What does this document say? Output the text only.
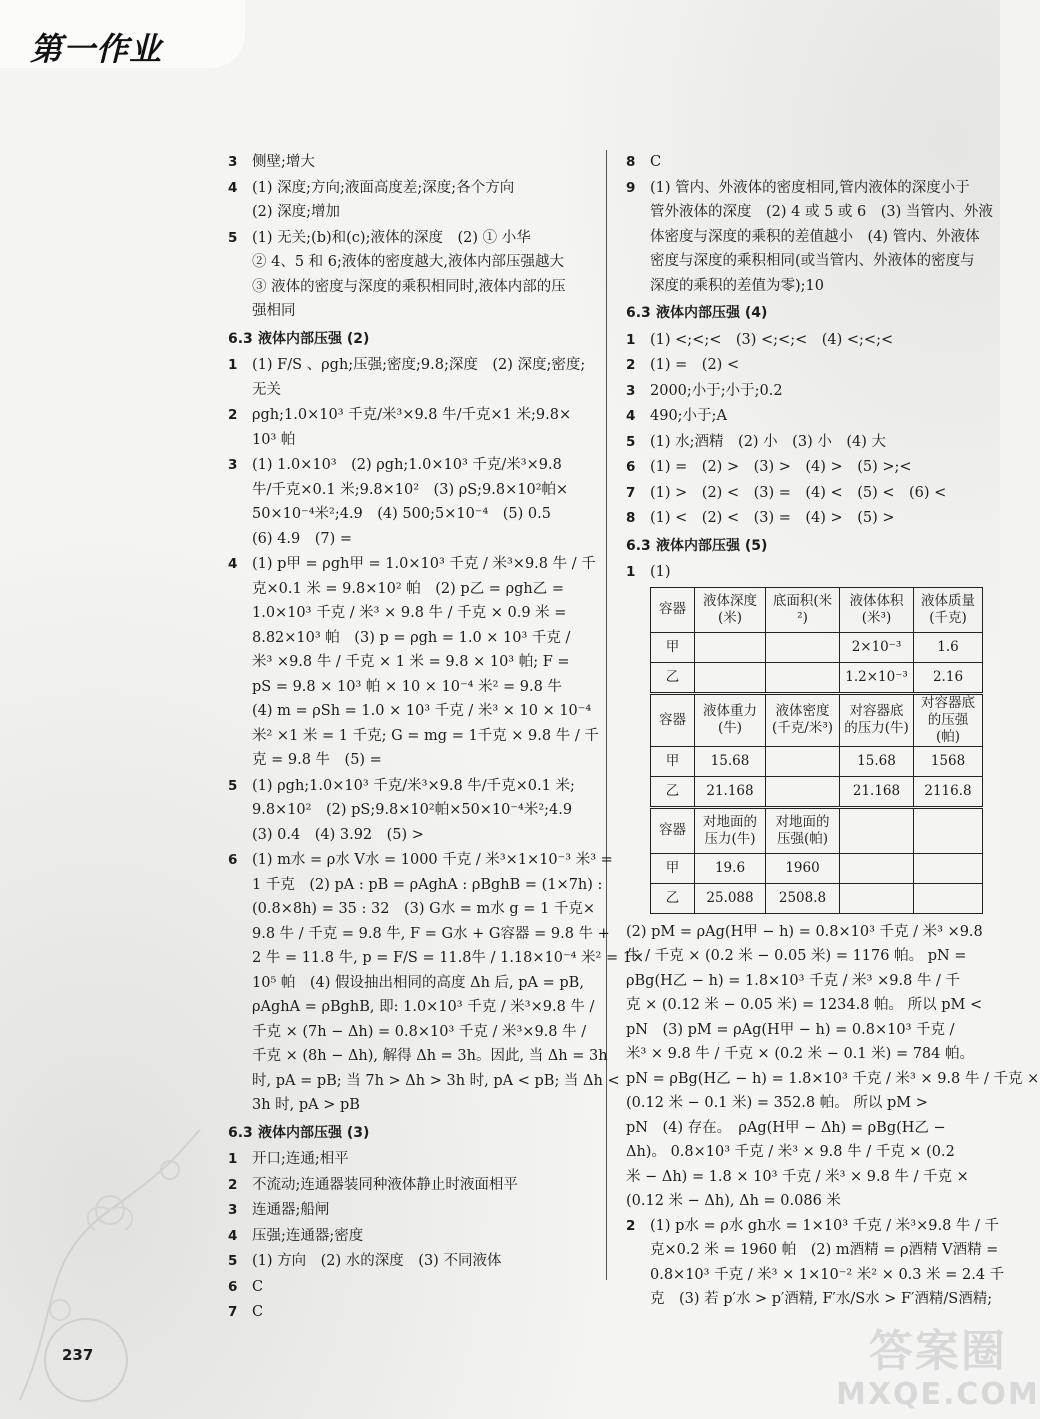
第一作业
3	侧壁;增大
4	(1) 深度;方向;液面高度差;深度;各个方向
(2) 深度;增加
5	(1) 无关;(b)和(c);液体的深度　(2) ① 小华
② 4、5 和 6;液体的密度越大,液体内部压强越大
③ 液体的密度与深度的乘积相同时,液体内部的压
强相同
6.3 液体内部压强 (2)
1	(1) F/S 、ρgh;压强;密度;9.8;深度　(2) 深度;密度;
无关
2	ρgh;1.0×10³ 千克/米³×9.8 牛/千克×1 米;9.8×
10³ 帕
3	(1) 1.0×10³　(2) ρgh;1.0×10³ 千克/米³×9.8
牛/千克×0.1 米;9.8×10²　(3) ρS;9.8×10²帕×
50×10⁻⁴米²;4.9　(4) 500;5×10⁻⁴　(5) 0.5
(6) 4.9　(7) =
4	(1) p甲 = ρgh甲 = 1.0×10³ 千克 / 米³×9.8 牛 / 千
克×0.1 米 = 9.8×10² 帕　(2) p乙 = ρgh乙 =
1.0×10³ 千克 / 米³ × 9.8 牛 / 千克 × 0.9 米 =
8.82×10³ 帕　(3) p = ρgh = 1.0 × 10³ 千克 /
米³ ×9.8 牛 / 千克 × 1 米 = 9.8 × 10³ 帕; F =
pS = 9.8 × 10³ 帕 × 10 × 10⁻⁴ 米² = 9.8 牛
(4) m = ρSh = 1.0 × 10³ 千克 / 米³ × 10 × 10⁻⁴
米² ×1 米 = 1 千克; G = mg = 1千克 × 9.8 牛 / 千
克 = 9.8 牛　(5) =
5	(1) ρgh;1.0×10³ 千克/米³×9.8 牛/千克×0.1 米;
9.8×10²　(2) pS;9.8×10²帕×50×10⁻⁴米²;4.9
(3) 0.4　(4) 3.92　(5) >
6	(1) m水 = ρ水 V水 = 1000 千克 / 米³×1×10⁻³ 米³ =
1 千克　(2) pA : pB = ρAghA : ρBghB = (1×7h) :
(0.8×8h) = 35 : 32　(3) G水 = m水 g = 1 千克×
9.8 牛 / 千克 = 9.8 牛, F = G水 + G容器 = 9.8 牛 +
2 牛 = 11.8 牛, p = F/S = 11.8牛 / 1.18×10⁻⁴ 米² = 1×
10⁵ 帕　(4) 假设抽出相同的高度 Δh 后, pA = pB,
ρAghA = ρBghB, 即: 1.0×10³ 千克 / 米³×9.8 牛 /
千克 × (7h − Δh) = 0.8×10³ 千克 / 米³×9.8 牛 /
千克 × (8h − Δh), 解得 Δh = 3h。因此, 当 Δh = 3h
时, pA = pB; 当 7h > Δh > 3h 时, pA < pB; 当 Δh <
3h 时, pA > pB
6.3 液体内部压强 (3)
1	开口;连通;相平
2	不流动;连通器装同种液体静止时液面相平
3	连通器;船闸
4	压强;连通器;密度
5	(1) 方向　(2) 水的深度　(3) 不同液体
6	C
7	C
8	C
9	(1) 管内、外液体的密度相同,管内液体的深度小于
管外液体的深度　(2) 4 或 5 或 6　(3) 当管内、外液
体密度与深度的乘积的差值越小　(4) 管内、外液体
密度与深度的乘积相同(或当管内、外液体的密度与
深度的乘积的差值为零);10
6.3 液体内部压强 (4)
1	(1) <;<;<　(3) <;<;<　(4) <;<;<
2	(1) =　(2) <
3	2000;小于;小于;0.2
4	490;小于;A
5	(1) 水;酒精　(2) 小　(3) 小　(4) 大
6	(1) =　(2) >　(3) >　(4) >　(5) >;<
7	(1) >　(2) <　(3) =　(4) <　(5) <　(6) <
8	(1) <　(2) <　(3) =　(4) >　(5) >
6.3 液体内部压强 (5)
1	(1)
容器	液体深度(米)	底面积(米²)	液体体积(米³)	液体质量(千克)
甲			2×10⁻³	1.6
乙			1.2×10⁻³	2.16
容器	液体重力(牛)	液体密度(千克/米³)	对容器底的压力(牛)	对容器底的压强(帕)
甲	15.68		15.68	1568
乙	21.168		21.168	2116.8
容器	对地面的压力(牛)	对地面的压强(帕)		
甲	19.6	1960		
乙	25.088	2508.8		
(2) pM = ρAg(H甲 − h) = 0.8×10³ 千克 / 米³ ×9.8
牛 / 千克 × (0.2 米 − 0.05 米) = 1176 帕。 pN =
ρBg(H乙 − h) = 1.8×10³ 千克 / 米³ ×9.8 牛 / 千
克 × (0.12 米 − 0.05 米) = 1234.8 帕。 所以 pM <
pN　(3) pM = ρAg(H甲 − h) = 0.8×10³ 千克 /
米³ × 9.8 牛 / 千克 × (0.2 米 − 0.1 米) = 784 帕。
pN = ρBg(H乙 − h) = 1.8×10³ 千克 / 米³ × 9.8 牛 / 千克 ×
(0.12 米 − 0.1 米) = 352.8 帕。 所以 pM >
pN　(4) 存在。　ρAg(H甲 − Δh) = ρBg(H乙 −
Δh)。 0.8×10³ 千克 / 米³ × 9.8 牛 / 千克 × (0.2
米 − Δh) = 1.8 × 10³ 千克 / 米³ × 9.8 牛 / 千克 ×
(0.12 米 − Δh), Δh = 0.086 米
2	(1) p水 = ρ水 gh水 = 1×10³ 千克 / 米³×9.8 牛 / 千
克×0.2 米 = 1960 帕　(2) m酒精 = ρ酒精 V酒精 =
0.8×10³ 千克 / 米³ × 1×10⁻² 米² × 0.3 米 = 2.4 千
克　(3) 若 p′水 > p′酒精, F′水/S水 > F′酒精/S酒精;
237	答案圈
MXQE.COM
